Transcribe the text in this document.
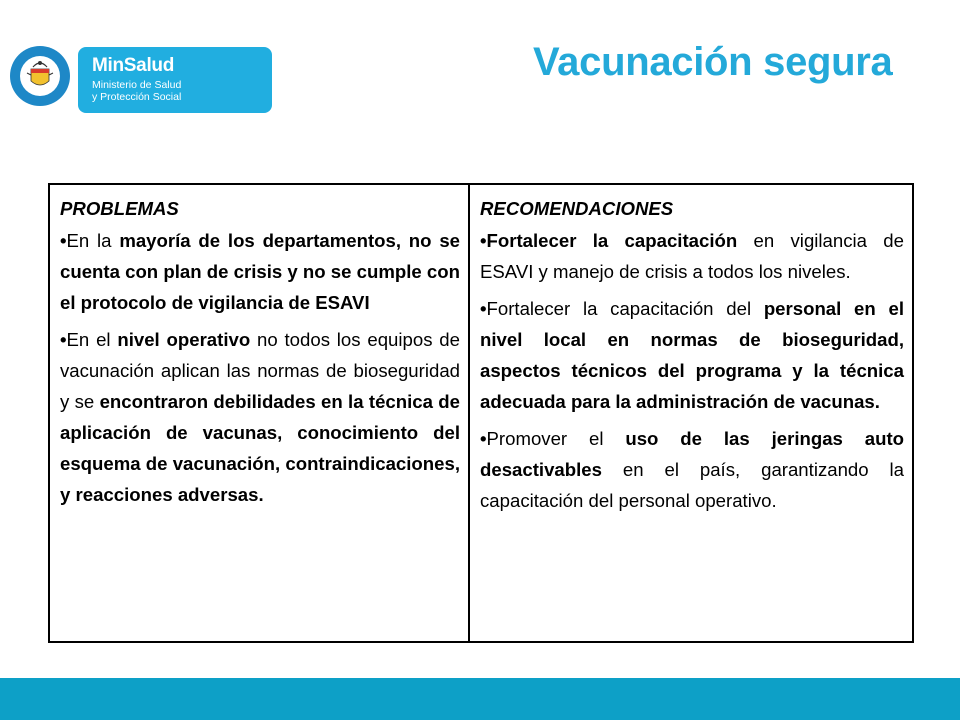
MinSalud
Ministerio de Salud
y Protección Social
Vacunación segura
PROBLEMAS
•En la mayoría de los departamentos, no se cuenta con plan de crisis y no se cumple con el protocolo de vigilancia de ESAVI
•En el nivel operativo no todos los equipos de vacunación aplican las normas de bioseguridad y se encontraron debilidades en la técnica de aplicación de vacunas, conocimiento del esquema de vacunación, contraindicaciones, y reacciones adversas.
RECOMENDACIONES
•Fortalecer la capacitación en vigilancia de ESAVI y manejo de crisis a todos los niveles.
•Fortalecer la capacitación del personal en el nivel local en normas de bioseguridad, aspectos técnicos del programa y la técnica adecuada para la administración de vacunas.
•Promover el uso de las jeringas auto desactivables en el país, garantizando la capacitación del personal operativo.
